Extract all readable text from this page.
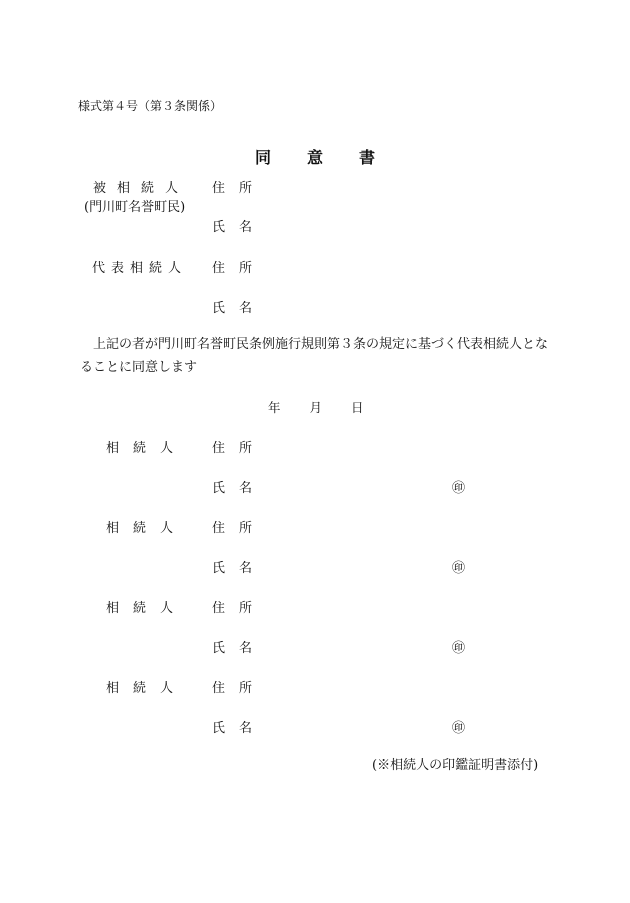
様式第４号（第３条関係）
同意書
被相続人
(門川町名誉町民)
住所
氏名
代表相続人 住所
氏名
上記の者が門川町名誉町民条例施行規則第３条の規定に基づく代表相続人となることに同意します
年 月 日
相続人 住所
氏名	㊞
相続人 住所
氏名	㊞
相続人 住所
氏名	㊞
相続人 住所
氏名	㊞
(※相続人の印鑑証明書添付)
